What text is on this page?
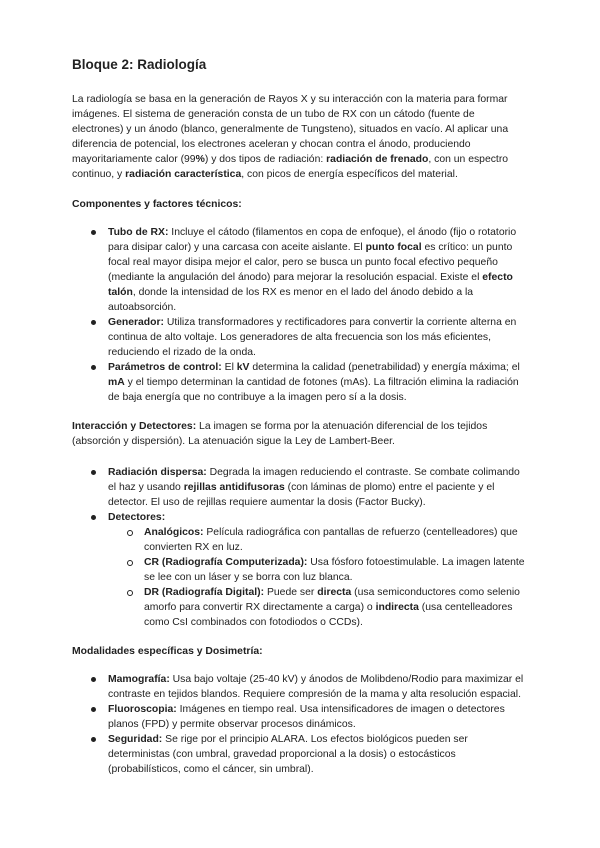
Bloque 2: Radiología

La radiología se basa en la generación de Rayos X y su interacción con la materia para formar imágenes. El sistema de generación consta de un tubo de RX con un cátodo (fuente de electrones) y un ánodo (blanco, generalmente de Tungsteno), situados en vacío. Al aplicar una diferencia de potencial, los electrones aceleran y chocan contra el ánodo, produciendo mayoritariamente calor (99%) y dos tipos de radiación: radiación de frenado, con un espectro continuo, y radiación característica, con picos de energía específicos del material.

Componentes y factores técnicos:
Tubo de RX: Incluye el cátodo (filamentos en copa de enfoque), el ánodo (fijo o rotatorio para disipar calor) y una carcasa con aceite aislante. El punto focal es crítico: un punto focal real mayor disipa mejor el calor, pero se busca un punto focal efectivo pequeño (mediante la angulación del ánodo) para mejorar la resolución espacial. Existe el efecto talón, donde la intensidad de los RX es menor en el lado del ánodo debido a la autoabsorción.
Generador: Utiliza transformadores y rectificadores para convertir la corriente alterna en continua de alto voltaje. Los generadores de alta frecuencia son los más eficientes, reduciendo el rizado de la onda.
Parámetros de control: El kV determina la calidad (penetrabilidad) y energía máxima; el mA y el tiempo determinan la cantidad de fotones (mAs). La filtración elimina la radiación de baja energía que no contribuye a la imagen pero sí a la dosis.

Interacción y Detectores: La imagen se forma por la atenuación diferencial de los tejidos (absorción y dispersión). La atenuación sigue la Ley de Lambert-Beer.

Radiación dispersa: Degrada la imagen reduciendo el contraste. Se combate colimando el haz y usando rejillas antidifusoras (con láminas de plomo) entre el paciente y el detector. El uso de rejillas requiere aumentar la dosis (Factor Bucky).
Detectores:
Analógicos: Película radiográfica con pantallas de refuerzo (centelleadores) que convierten RX en luz.
CR (Radiografía Computerizada): Usa fósforo fotoestimulable. La imagen latente se lee con un láser y se borra con luz blanca.
DR (Radiografía Digital): Puede ser directa (usa semiconductores como selenio amorfo para convertir RX directamente a carga) o indirecta (usa centelleadores como CsI combinados con fotodiodos o CCDs).
Modalidades específicas y Dosimetría:
Mamografía: Usa bajo voltaje (25-40 kV) y ánodos de Molibdeno/Rodio para maximizar el contraste en tejidos blandos. Requiere compresión de la mama y alta resolución espacial.
Fluoroscopia: Imágenes en tiempo real. Usa intensificadores de imagen o detectores planos (FPD) y permite observar procesos dinámicos.
Seguridad: Se rige por el principio ALARA. Los efectos biológicos pueden ser deterministas (con umbral, gravedad proporcional a la dosis) o estocásticos (probabilísticos, como el cáncer, sin umbral).
